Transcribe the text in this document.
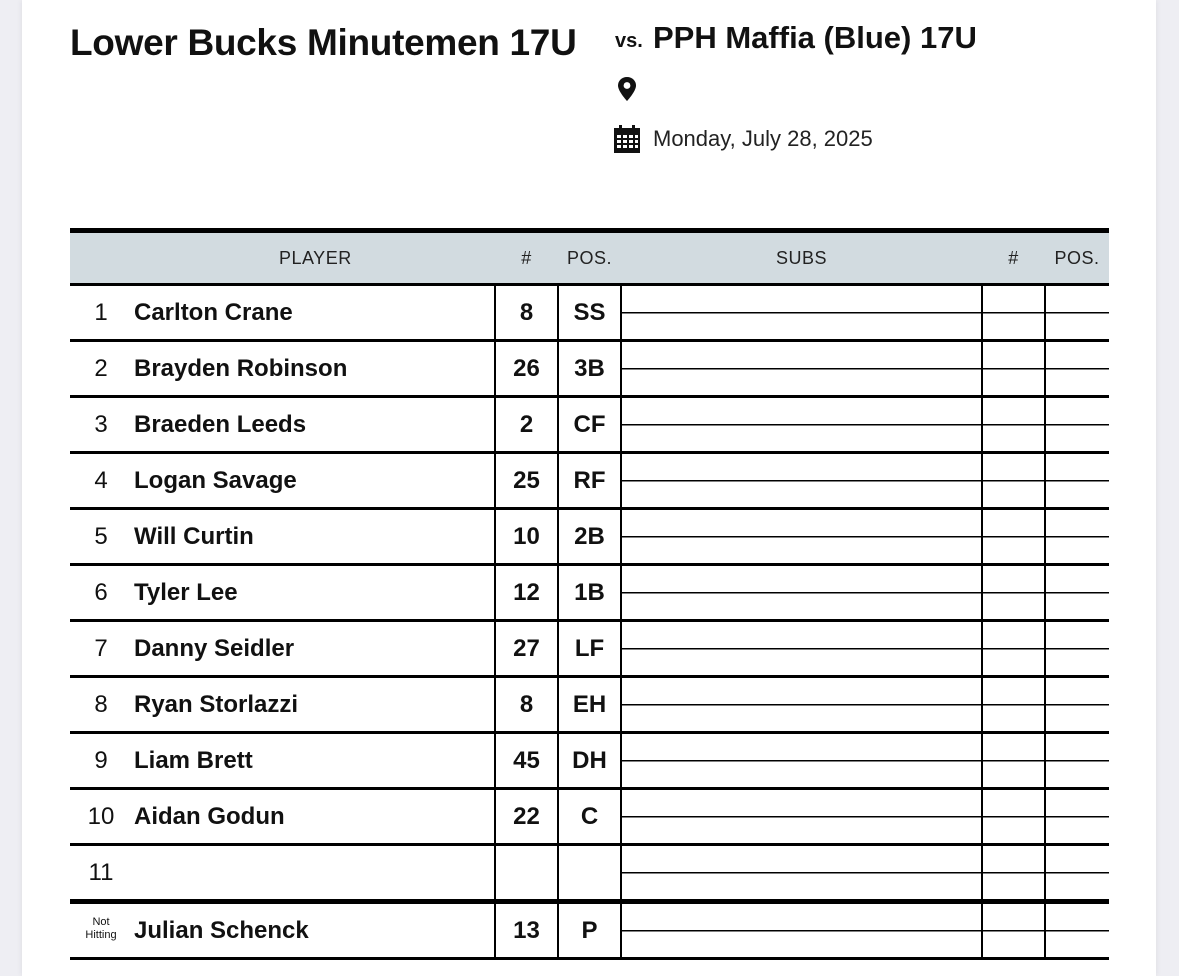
Lower Bucks Minutemen 17U vs. PPH Maffia (Blue) 17U
Monday, July 28, 2025
PLAYER		#	POS.	SUBS	#	POS.
1	Carlton Crane	8	SS			
2	Brayden Robinson	26	3B			
3	Braeden Leeds	2	CF			
4	Logan Savage	25	RF			
5	Will Curtin	10	2B			
6	Tyler Lee	12	1B			
7	Danny Seidler	27	LF			
8	Ryan Storlazzi	8	EH			
9	Liam Brett	45	DH			
10	Aidan Godun	22	C			
11						
Not
Hitting	Julian Schenck	13	P			
